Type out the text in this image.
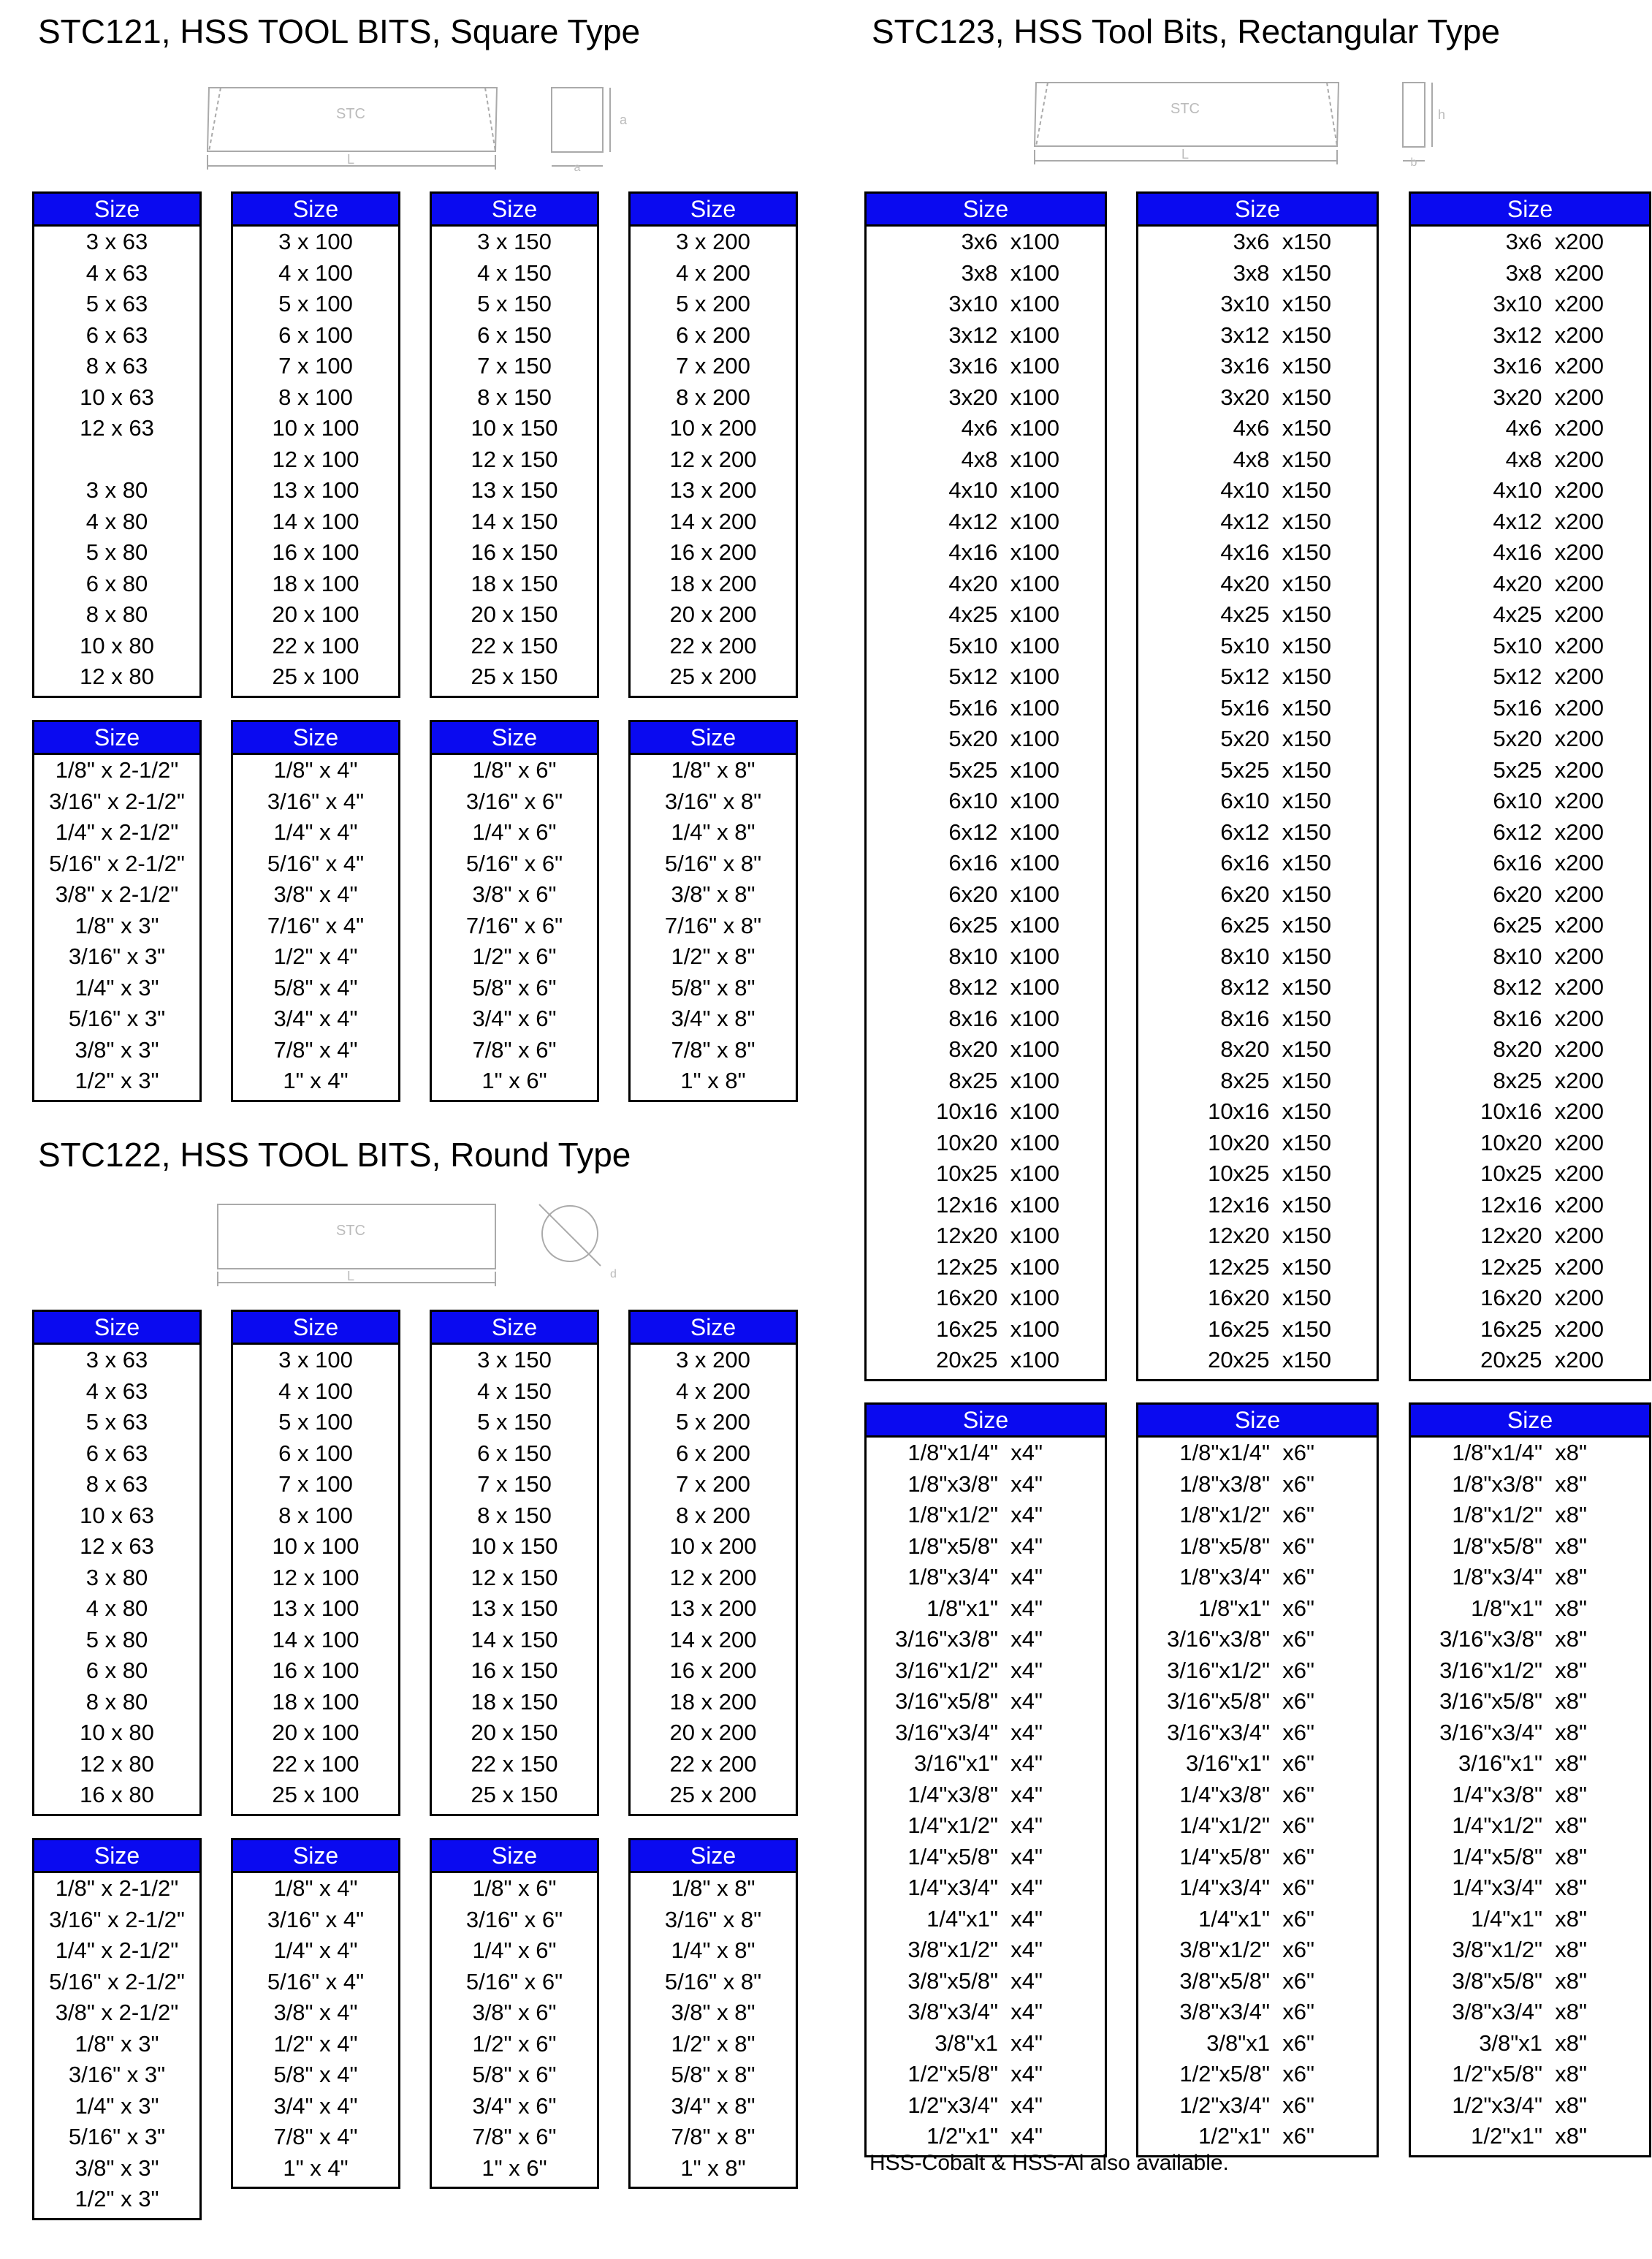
STC121, HSS TOOL BITS, Square Type	STC123, HSS Tool Bits, Rectangular Type
STC122, HSS TOOL BITS, Round Type
STC
L
a
a
STC
L
h
b
STC
L	d
Size
3 x 63
4 x 63
5 x 63
6 x 63
8 x 63
10 x 63
12 x 63
3 x 80
4 x 80
5 x 80
6 x 80
8 x 80
10 x 80
12 x 80
Size
3 x 100
4 x 100
5 x 100
6 x 100
7 x 100
8 x 100
10 x 100
12 x 100
13 x 100
14 x 100
16 x 100
18 x 100
20 x 100
22 x 100
25 x 100
Size
3 x 150
4 x 150
5 x 150
6 x 150
7 x 150
8 x 150
10 x 150
12 x 150
13 x 150
14 x 150
16 x 150
18 x 150
20 x 150
22 x 150
25 x 150
Size
3 x 200
4 x 200
5 x 200
6 x 200
7 x 200
8 x 200
10 x 200
12 x 200
13 x 200
14 x 200
16 x 200
18 x 200
20 x 200
22 x 200
25 x 200
Size
1/8" x 2-1/2"
3/16" x 2-1/2"
1/4" x 2-1/2"
5/16" x 2-1/2"
3/8" x 2-1/2"
1/8" x 3"
3/16" x 3"
1/4" x 3"
5/16" x 3"
3/8" x 3"
1/2" x 3"
Size
1/8" x 4"
3/16" x 4"
1/4" x 4"
5/16" x 4"
3/8" x 4"
7/16" x 4"
1/2" x 4"
5/8" x 4"
3/4" x 4"
7/8" x 4"
1" x 4"
Size
1/8" x 6"
3/16" x 6"
1/4" x 6"
5/16" x 6"
3/8" x 6"
7/16" x 6"
1/2" x 6"
5/8" x 6"
3/4" x 6"
7/8" x 6"
1" x 6"
Size
1/8" x 8"
3/16" x 8"
1/4" x 8"
5/16" x 8"
3/8" x 8"
7/16" x 8"
1/2" x 8"
5/8" x 8"
3/4" x 8"
7/8" x 8"
1" x 8"
Size
3 x 63
4 x 63
5 x 63
6 x 63
8 x 63
10 x 63
12 x 63
3 x 80
4 x 80
5 x 80
6 x 80
8 x 80
10 x 80
12 x 80
16 x 80
Size
3 x 100
4 x 100
5 x 100
6 x 100
7 x 100
8 x 100
10 x 100
12 x 100
13 x 100
14 x 100
16 x 100
18 x 100
20 x 100
22 x 100
25 x 100
Size
3 x 150
4 x 150
5 x 150
6 x 150
7 x 150
8 x 150
10 x 150
12 x 150
13 x 150
14 x 150
16 x 150
18 x 150
20 x 150
22 x 150
25 x 150
Size
3 x 200
4 x 200
5 x 200
6 x 200
7 x 200
8 x 200
10 x 200
12 x 200
13 x 200
14 x 200
16 x 200
18 x 200
20 x 200
22 x 200
25 x 200
Size
1/8" x 2-1/2"
3/16" x 2-1/2"
1/4" x 2-1/2"
5/16" x 2-1/2"
3/8" x 2-1/2"
1/8" x 3"
3/16" x 3"
1/4" x 3"
5/16" x 3"
3/8" x 3"
1/2" x 3"
Size
1/8" x 4"
3/16" x 4"
1/4" x 4"
5/16" x 4"
3/8" x 4"
1/2" x 4"
5/8" x 4"
3/4" x 4"
7/8" x 4"
1" x 4"
Size
1/8" x 6"
3/16" x 6"
1/4" x 6"
5/16" x 6"
3/8" x 6"
1/2" x 6"
5/8" x 6"
3/4" x 6"
7/8" x 6"
1" x 6"
Size
1/8" x 8"
3/16" x 8"
1/4" x 8"
5/16" x 8"
3/8" x 8"
1/2" x 8"
5/8" x 8"
3/4" x 8"
7/8" x 8"
1" x 8"
Size
3x6  x100
3x8  x100
3x10  x100
3x12  x100
3x16  x100
3x20  x100
4x6  x100
4x8  x100
4x10  x100
4x12  x100
4x16  x100
4x20  x100
4x25  x100
5x10  x100
5x12  x100
5x16  x100
5x20  x100
5x25  x100
6x10  x100
6x12  x100
6x16  x100
6x20  x100
6x25  x100
8x10  x100
8x12  x100
8x16  x100
8x20  x100
8x25  x100
10x16  x100
10x20  x100
10x25  x100
12x16  x100
12x20  x100
12x25  x100
16x20  x100
16x25  x100
20x25  x100
Size
3x6  x150
3x8  x150
3x10  x150
3x12  x150
3x16  x150
3x20  x150
4x6  x150
4x8  x150
4x10  x150
4x12  x150
4x16  x150
4x20  x150
4x25  x150
5x10  x150
5x12  x150
5x16  x150
5x20  x150
5x25  x150
6x10  x150
6x12  x150
6x16  x150
6x20  x150
6x25  x150
8x10  x150
8x12  x150
8x16  x150
8x20  x150
8x25  x150
10x16  x150
10x20  x150
10x25  x150
12x16  x150
12x20  x150
12x25  x150
16x20  x150
16x25  x150
20x25  x150
Size
3x6  x200
3x8  x200
3x10  x200
3x12  x200
3x16  x200
3x20  x200
4x6  x200
4x8  x200
4x10  x200
4x12  x200
4x16  x200
4x20  x200
4x25  x200
5x10  x200
5x12  x200
5x16  x200
5x20  x200
5x25  x200
6x10  x200
6x12  x200
6x16  x200
6x20  x200
6x25  x200
8x10  x200
8x12  x200
8x16  x200
8x20  x200
8x25  x200
10x16  x200
10x20  x200
10x25  x200
12x16  x200
12x20  x200
12x25  x200
16x20  x200
16x25  x200
20x25  x200
Size
1/8"x1/4"  x4"
1/8"x3/8"  x4"
1/8"x1/2"  x4"
1/8"x5/8"  x4"
1/8"x3/4"  x4"
1/8"x1"  x4"
3/16"x3/8"  x4"
3/16"x1/2"  x4"
3/16"x5/8"  x4"
3/16"x3/4"  x4"
3/16"x1"  x4"
1/4"x3/8"  x4"
1/4"x1/2"  x4"
1/4"x5/8"  x4"
1/4"x3/4"  x4"
1/4"x1"  x4"
3/8"x1/2"  x4"
3/8"x5/8"  x4"
3/8"x3/4"  x4"
3/8"x1  x4"
1/2"x5/8"  x4"
1/2"x3/4"  x4"
1/2"x1"  x4"
Size
1/8"x1/4"  x6"
1/8"x3/8"  x6"
1/8"x1/2"  x6"
1/8"x5/8"  x6"
1/8"x3/4"  x6"
1/8"x1"  x6"
3/16"x3/8"  x6"
3/16"x1/2"  x6"
3/16"x5/8"  x6"
3/16"x3/4"  x6"
3/16"x1"  x6"
1/4"x3/8"  x6"
1/4"x1/2"  x6"
1/4"x5/8"  x6"
1/4"x3/4"  x6"
1/4"x1"  x6"
3/8"x1/2"  x6"
3/8"x5/8"  x6"
3/8"x3/4"  x6"
3/8"x1  x6"
1/2"x5/8"  x6"
1/2"x3/4"  x6"
1/2"x1"  x6"
Size
1/8"x1/4"  x8"
1/8"x3/8"  x8"
1/8"x1/2"  x8"
1/8"x5/8"  x8"
1/8"x3/4"  x8"
1/8"x1"  x8"
3/16"x3/8"  x8"
3/16"x1/2"  x8"
3/16"x5/8"  x8"
3/16"x3/4"  x8"
3/16"x1"  x8"
1/4"x3/8"  x8"
1/4"x1/2"  x8"
1/4"x5/8"  x8"
1/4"x3/4"  x8"
1/4"x1"  x8"
3/8"x1/2"  x8"
3/8"x5/8"  x8"
3/8"x3/4"  x8"
3/8"x1  x8"
1/2"x5/8"  x8"
1/2"x3/4"  x8"
1/2"x1"  x8"
HSS-Cobalt & HSS-Al also available.
